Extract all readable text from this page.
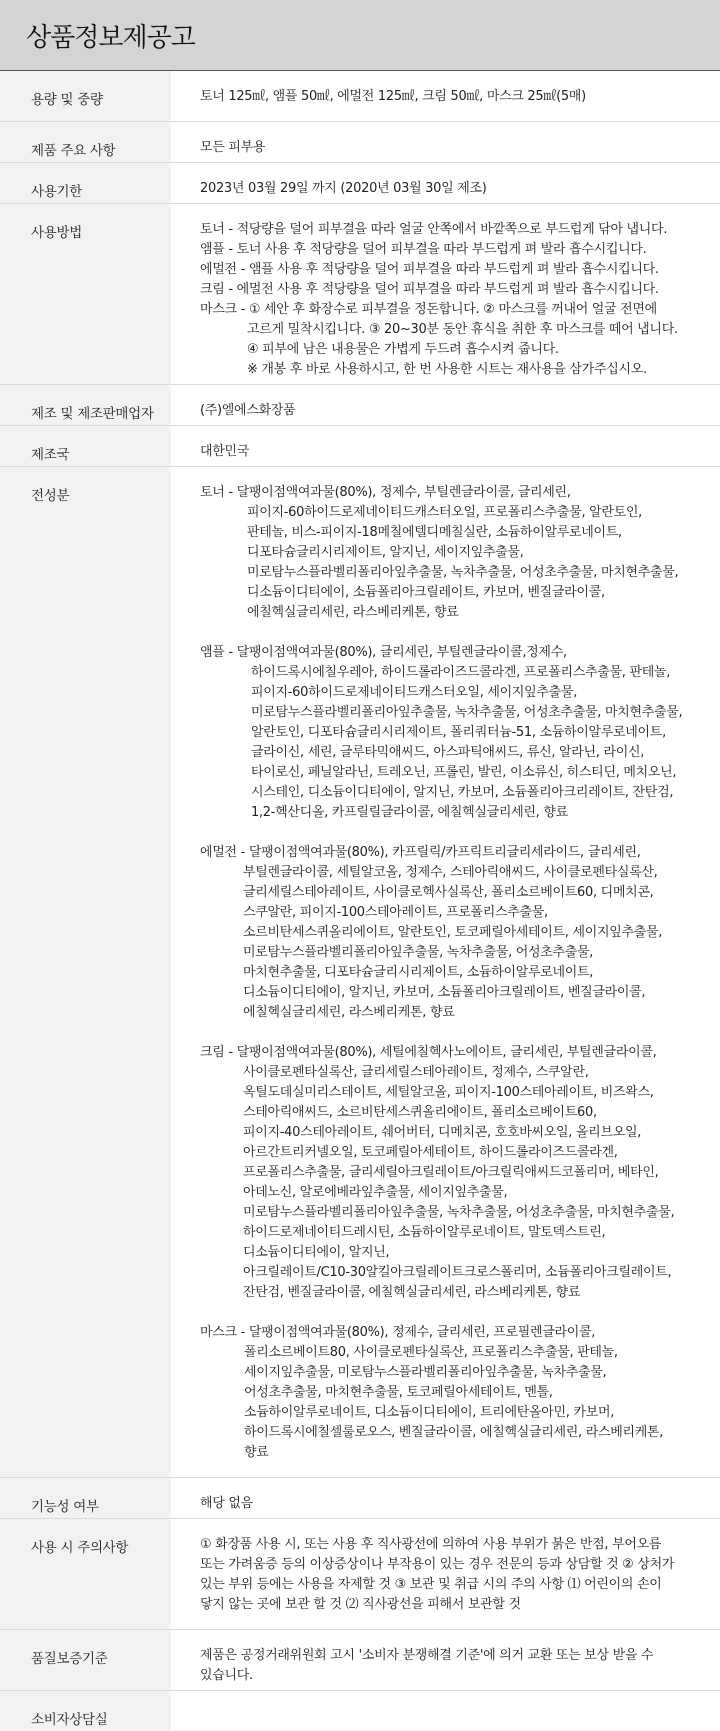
상품정보제공고
용량 및 중량	토너 125㎖, 앰플 50㎖, 에멀전 125㎖, 크림 50㎖, 마스크 25㎖(5매)
제품 주요 사항	모든 피부용
사용기한	2023년 03월 29일 까지 (2020년 03월 30일 제조)
사용방법	토너 - 적당량을 덜어 피부결을 따라 얼굴 안쪽에서 바깥쪽으로 부드럽게 닦아 냅니다.
앰플 - 토너 사용 후 적당량을 덜어 피부결을 따라 부드럽게 펴 발라 흡수시킵니다.
에멀전 - 앰플 사용 후 적당량을 덜어 피부결을 따라 부드럽게 펴 발라 흡수시킵니다.
크림 - 에멀전 사용 후 적당량을 덜어 피부결을 따라 부드럽게 펴 발라 흡수시킵니다.
마스크 - ① 세안 후 화장수로 피부결을 정돈합니다. ② 마스크를 꺼내어 얼굴 전면에
고르게 밀착시킵니다. ③ 20~30분 동안 휴식을 취한 후 마스크를 떼어 냅니다.
④ 피부에 남은 내용물은 가볍게 두드려 흡수시켜 줍니다.
※ 개봉 후 바로 사용하시고, 한 번 사용한 시트는 재사용을 삼가주십시오.
제조 및 제조판매업자	(주)엘에스화장품
제조국	대한민국
전성분	토너 - 달팽이점액여과물(80%), 정제수, 부틸렌글라이콜, 글리세린,
피이지-60하이드로제네이티드캐스터오일, 프로폴리스추출물, 알란토인,
판테놀, 비스-피이지-18메칠에텔디메칠실란, 소듐하이알루로네이트,
디포타슘글리시리제이트, 알지닌, 세이지잎추출물,
미로탐누스플라벨리폴리아잎추출물, 녹차추출물, 어성초추출물, 마치현추출물,
디소듐이디티에이, 소듐폴리아크릴레이트, 카보머, 벤질글라이콜,
에칠헥실글리세린, 라스베리케톤, 향료
앰플 - 달팽이점액여과물(80%), 글리세린, 부틸렌글라이콜,정제수,
하이드록시에칠우레아, 하이드롤라이즈드콜라겐, 프로폴리스추출물, 판테놀,
피이지-60하이드로제네이티드캐스터오일, 세이지잎추출물,
미로탐누스플라벨리폴리아잎추출물, 녹차추출물, 어성초추출물, 마치현추출물,
알란토인, 디포타슘글리시리제이트, 폴리쿼터늄-51, 소듐하이알루로네이트,
글라이신, 세린, 글루타믹애씨드, 아스파틱애씨드, 류신, 알라닌, 라이신,
타이로신, 페닐알라닌, 트레오닌, 프롤린, 발린, 이소류신, 히스티딘, 메치오닌,
시스테인, 디소듐이디티에이, 알지닌, 카보머, 소듐폴리아크리레이트, 잔탄검,
1,2-헥산디올, 카프릴릴글라이콜, 에칠헥실글리세린, 향료
에멀전 - 달팽이점액여과물(80%), 카프릴릭/카프릭트리글리세라이드, 글리세린,
부틸렌글라이콜, 세틸알코올, 정제수, 스테아릭애씨드, 사이클로펜타실록산,
글리세릴스테아레이트, 사이클로헥사실록산, 폴리소르베이트60, 디메치콘,
스쿠알란, 피이지-100스테아레이트, 프로폴리스추출물,
소르비탄세스퀴올리에이트, 알란토인, 토코페릴아세테이트, 세이지잎추출물,
미로탐누스플라벨리폴리아잎추출물, 녹차추출물, 어성초추출물,
마치현추출물, 디포타슘글리시리제이트, 소듐하이알루로네이트,
디소듐이디티에이, 알지닌, 카보머, 소듐폴리아크릴레이트, 벤질글라이콜,
에칠헥실글리세린, 라스베리케톤, 향료
크림 - 달팽이점액여과물(80%), 세틸에칠헥사노에이트, 글리세린, 부틸렌글라이콜,
사이클로펜타실록산, 글리세릴스테아레이트, 정제수, 스쿠알란,
옥틸도데실미리스테이트, 세틸알코올, 피이지-100스테아레이트, 비즈왁스,
스테아릭애씨드, 소르비탄세스퀴올리에이트, 폴리소르베이트60,
피이지-40스테아레이트, 쉐어버터, 디메치콘, 호호바씨오일, 올리브오일,
아르간트리커넬오일, 토코페릴아세테이트, 하이드롤라이즈드콜라겐,
프로폴리스추출물, 글리세릴아크릴레이트/아크릴릭애씨드코폴리머, 베타인,
아데노신, 알로에베라잎추출물, 세이지잎추출물,
미로탐누스플라벨리폴리아잎추출물, 녹차추출물, 어성초추출물, 마치현추출물,
하이드로제네이티드레시틴, 소듐하이알루로네이트, 말토덱스트린,
디소듐이디티에이, 알지닌,
아크릴레이트/C10-30알킬아크릴레이트크로스폴리머, 소듐폴리아크릴레이트,
잔탄검, 벤질글라이콜, 에칠헥실글리세린, 라스베리케톤, 향료
마스크 - 달팽이점액여과물(80%), 정제수, 글리세린, 프로필렌글라이콜,
폴리소르베이트80, 사이클로펜타실록산, 프로폴리스추출물, 판테놀,
세이지잎추출물, 미로탐누스플라벨리폴리아잎추출물, 녹차추출물,
어성초추출물, 마치현추출물, 토코페릴아세테이트, 멘톨,
소듐하이알루로네이트, 디소듐이디티에이, 트리에탄올아민, 카보머,
하이드록시에칠셀룰로오스, 벤질글라이콜, 에칠헥실글리세린, 라스베리케톤,
향료
기능성 여부	해당 없음
사용 시 주의사항	① 화장품 사용 시, 또는 사용 후 직사광선에 의하여 사용 부위가 붉은 반점, 부어오름
또는 가려움증 등의 이상증상이나 부작용이 있는 경우 전문의 등과 상담할 것 ② 상처가
있는 부위 등에는 사용을 자제할 것 ③ 보관 및 취급 시의 주의 사항 ⑴ 어린이의 손이
닿지 않는 곳에 보관 할 것 ⑵ 직사광선을 피해서 보관할 것
품질보증기준	제품은 공정거래위원회 고시 '소비자 분쟁해결 기준'에 의거 교환 또는 보상 받을 수
있습니다.
소비자상담실
